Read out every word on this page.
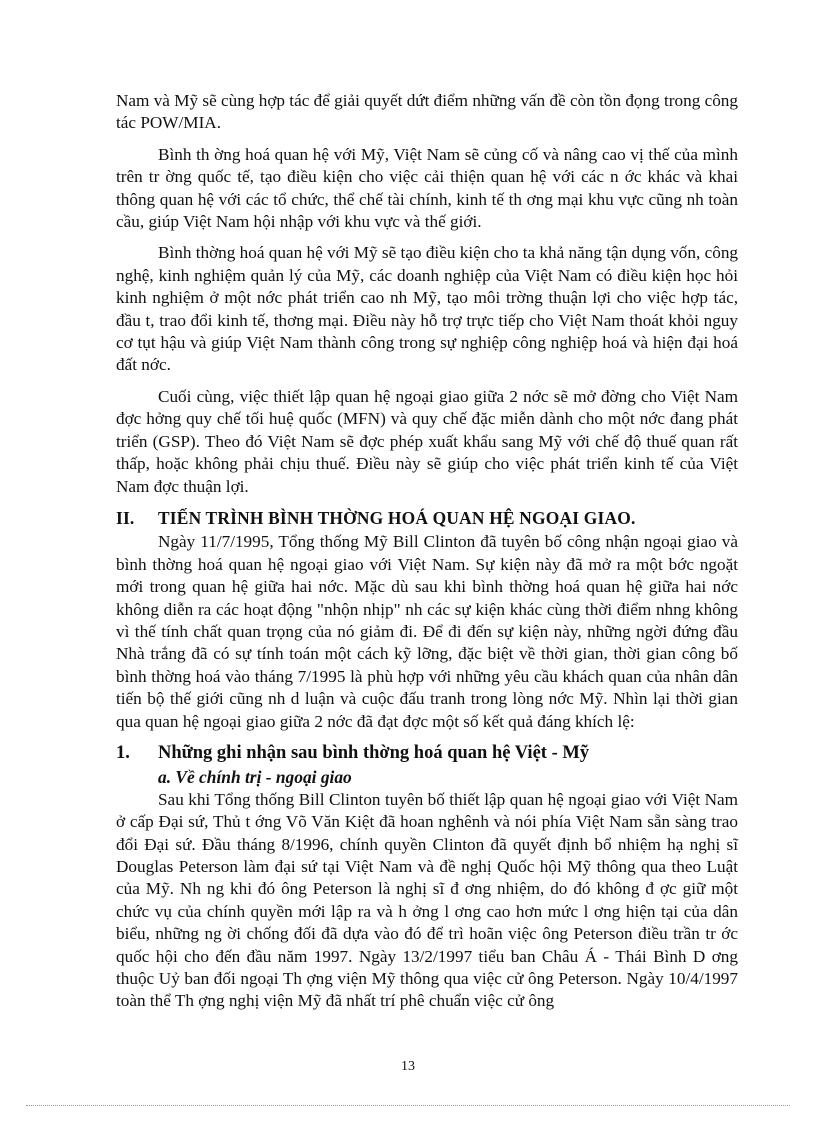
Nam và Mỹ sẽ cùng hợp tác để giải quyết dứt điểm những vấn đề còn tồn đọng trong công tác POW/MIA.

Bình th ờng hoá quan hệ với Mỹ, Việt Nam sẽ củng cố và nâng cao vị thế của mình trên tr ờng quốc tế, tạo điều kiện cho việc cải thiện quan hệ với các n ớc khác và khai thông quan hệ với các tổ chức, thể chế tài chính, kinh tế th ơng mại khu vực cũng nh toàn cầu, giúp Việt Nam hội nhập với khu vực và thế giới.

Bình thờng hoá quan hệ với Mỹ sẽ tạo điều kiện cho ta khả năng tận dụng vốn, công nghệ, kinh nghiệm quản lý của Mỹ, các doanh nghiệp của Việt Nam có điều kiện học hỏi kinh nghiệm ở một nớc phát triển cao nh Mỹ, tạo môi trờng thuận lợi cho việc hợp tác, đầu t, trao đổi kinh tế, thơng mại. Điều này hỗ trợ trực tiếp cho Việt Nam thoát khỏi nguy cơ tụt hậu và giúp Việt Nam thành công trong sự nghiệp công nghiệp hoá và hiện đại hoá đất nớc.

Cuối cùng, việc thiết lập quan hệ ngoại giao giữa 2 nớc sẽ mở đờng cho Việt Nam đợc hởng quy chế tối huệ quốc (MFN) và quy chế đặc miễn dành cho một nớc đang phát triển (GSP). Theo đó Việt Nam sẽ đợc phép xuất khẩu sang Mỹ với chế độ thuế quan rất thấp, hoặc không phải chịu thuế. Điều này sẽ giúp cho việc phát triển kinh tế của Việt Nam đợc thuận lợi.

II.	TIẾN TRÌNH BÌNH THỜNG HOÁ QUAN HỆ NGOẠI GIAO.

Ngày 11/7/1995, Tổng thống Mỹ Bill Clinton đã tuyên bố công nhận ngoại giao và bình thờng hoá quan hệ ngoại giao với Việt Nam. Sự kiện này đã mở ra một bớc ngoặt mới trong quan hệ giữa hai nớc. Mặc dù sau khi bình thờng hoá quan hệ giữa hai nớc không diễn ra các hoạt động "nhộn nhịp" nh các sự kiện khác cùng thời điểm nhng không vì thế tính chất quan trọng của nó giảm đi. Để đi đến sự kiện này, những ngời đứng đầu Nhà trắng đã có sự tính toán một cách kỹ lỡng, đặc biệt về thời gian, thời gian công bố bình thờng hoá vào tháng 7/1995 là phù hợp với những yêu cầu khách quan của nhân dân tiến bộ thế giới cũng nh d luận và cuộc đấu tranh trong lòng nớc Mỹ. Nhìn lại thời gian qua quan hệ ngoại giao giữa 2 nớc đã đạt đợc một số kết quả đáng khích lệ:

1.	Những ghi nhận sau bình thờng hoá quan hệ Việt - Mỹ
a. Về chính trị - ngoại giao

Sau khi Tổng thống Bill Clinton tuyên bố thiết lập quan hệ ngoại giao với Việt Nam ở cấp Đại sứ, Thủ t ớng Võ Văn Kiệt đã hoan nghênh và nói phía Việt Nam sẵn sàng trao đổi Đại sứ. Đầu tháng 8/1996, chính quyền Clinton đã quyết định bổ nhiệm hạ nghị sĩ Douglas Peterson làm đại sứ tại Việt Nam và đề nghị Quốc hội Mỹ thông qua theo Luật của Mỹ. Nh ng khi đó ông Peterson là nghị sĩ đ ơng nhiệm, do đó không đ ợc giữ một chức vụ của chính quyền mới lập ra và h ởng l ơng cao hơn mức l ơng hiện tại của dân biểu, những ng ời chống đối đã dựa vào đó để trì hoãn việc ông Peterson điều trần tr ớc quốc hội cho đến đầu năm 1997. Ngày 13/2/1997 tiểu ban Châu Á - Thái Bình D ơng thuộc Uỷ ban đối ngoại Th ợng viện Mỹ thông qua việc cử ông Peterson. Ngày 10/4/1997 toàn thể Th ợng nghị viện Mỹ đã nhất trí phê chuẩn việc cử ông

13
